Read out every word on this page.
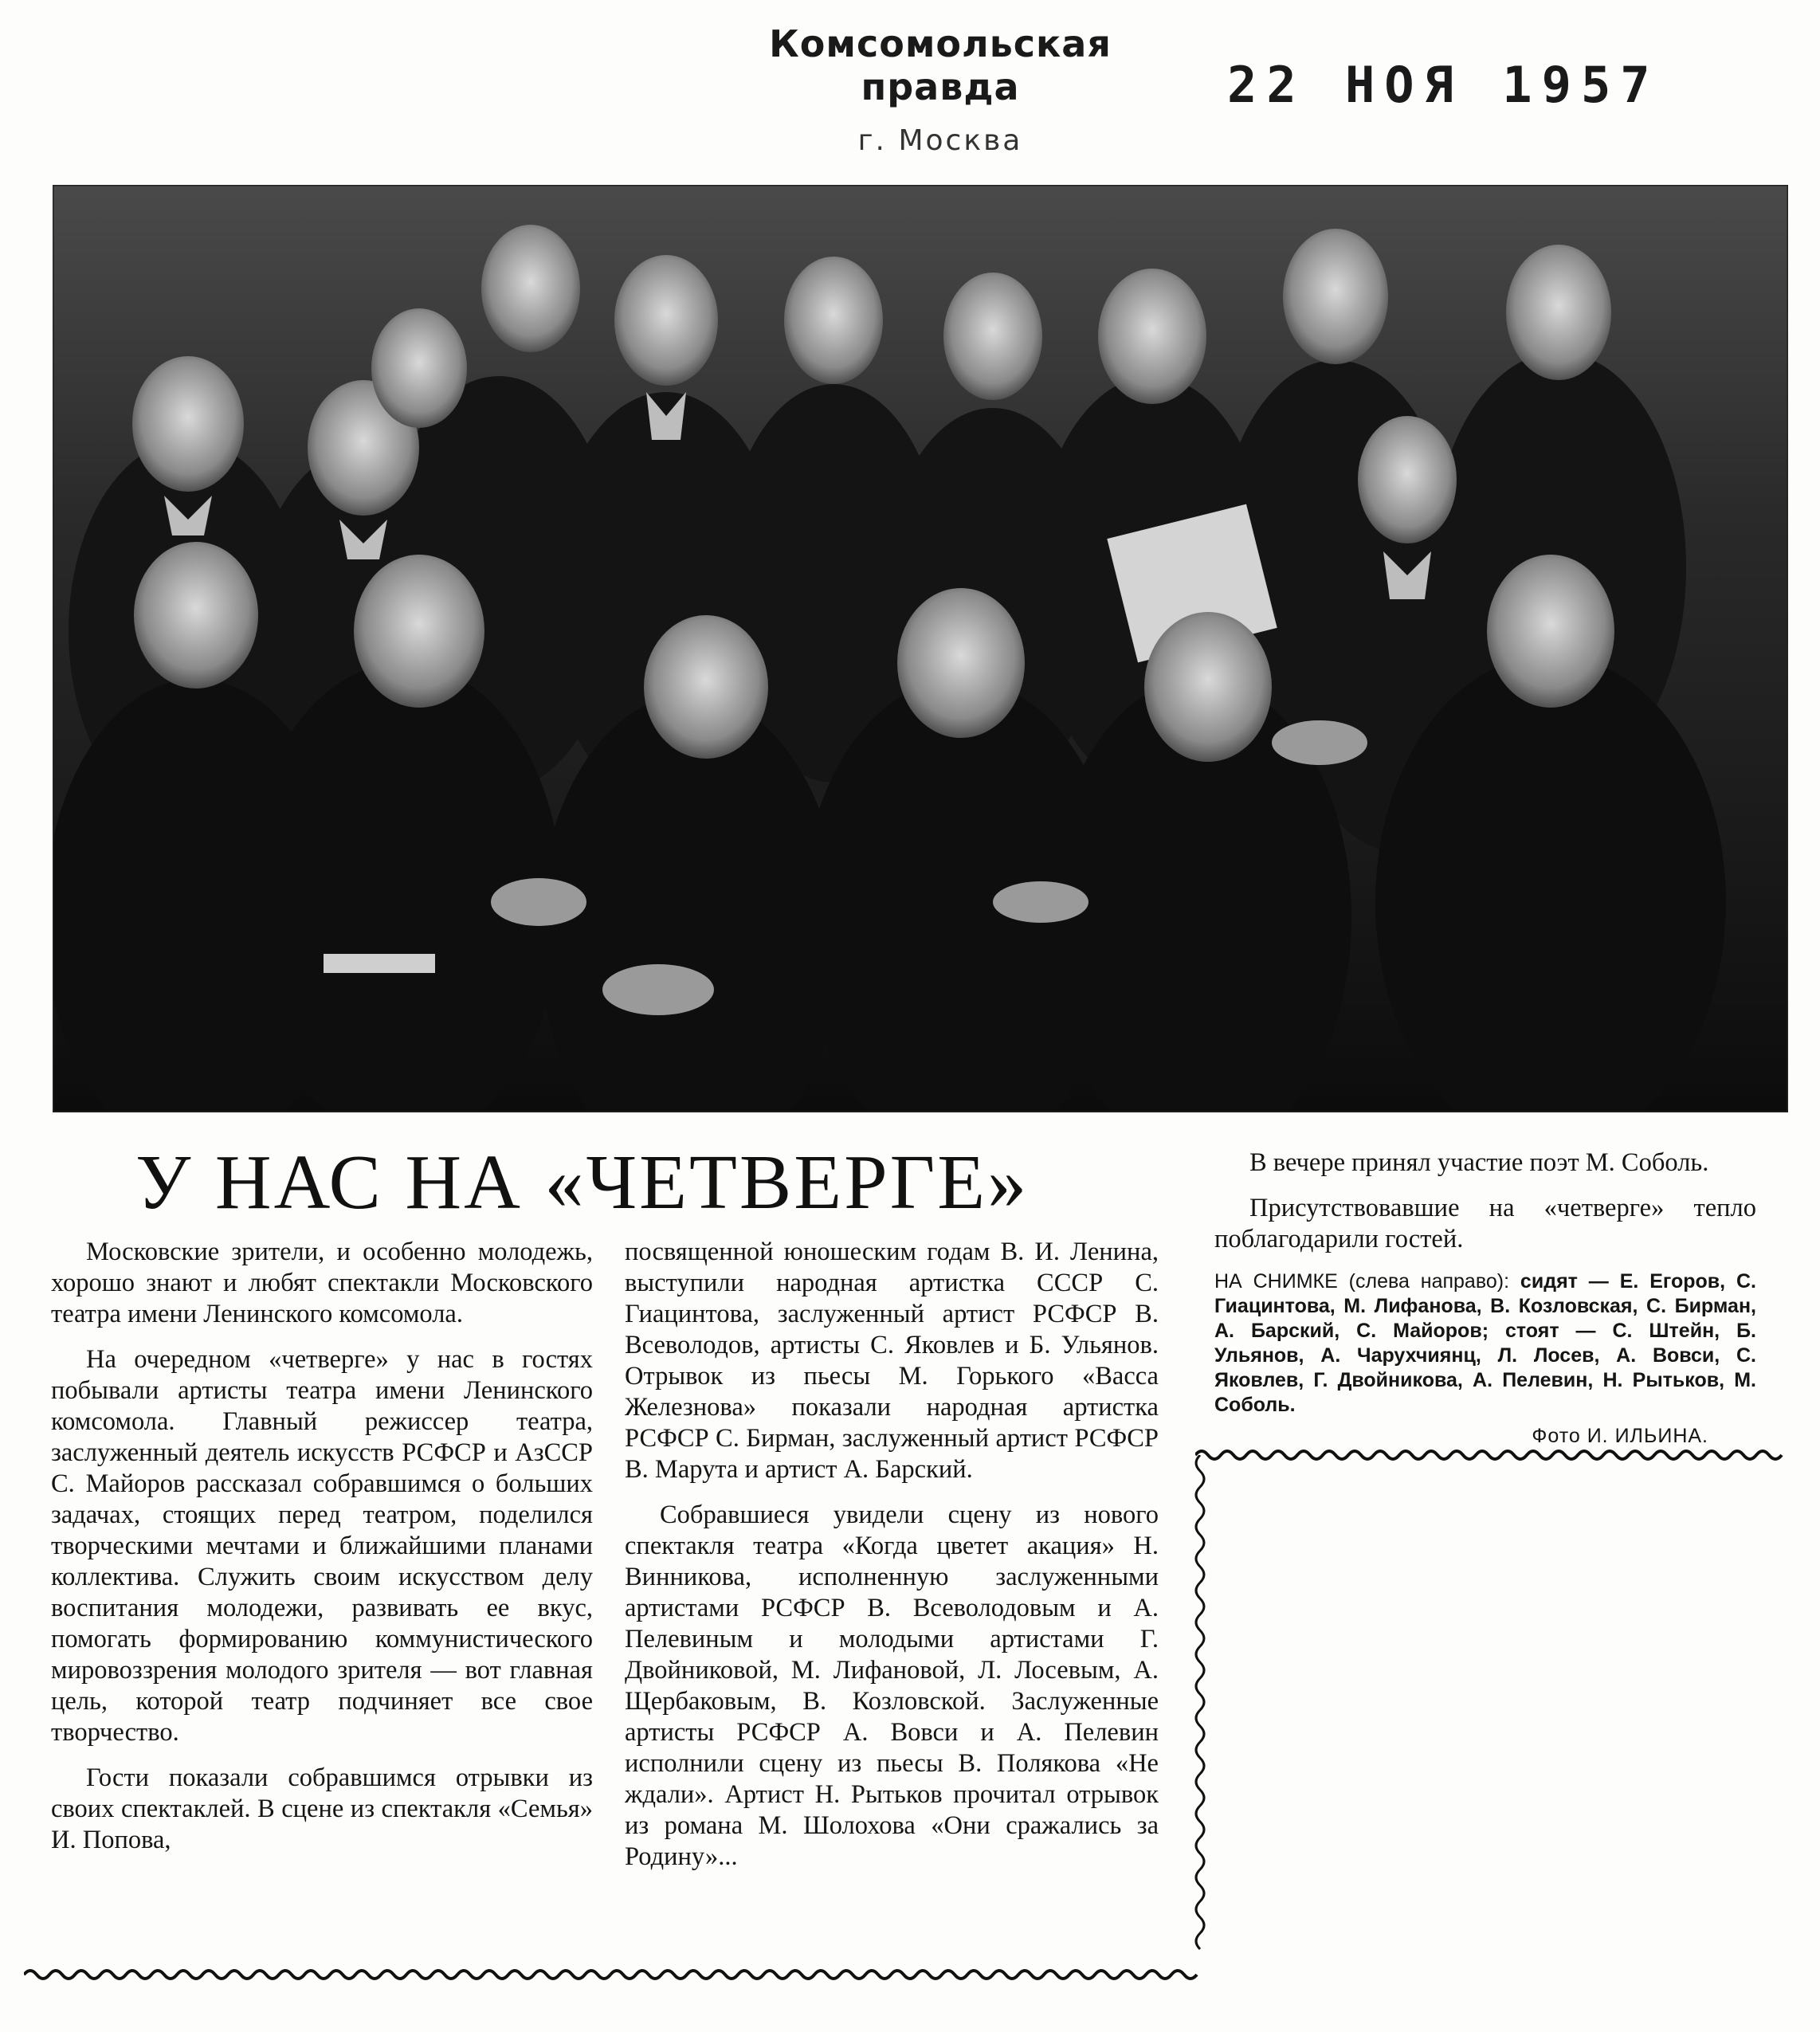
Комсомольская правда
г. Москва
22 НОЯ 1957
У НАС НА «ЧЕТВЕРГЕ»

Московские зрители, и особенно молодежь, хорошо знают и любят спектакли Московского театра имени Ленинского комсомола.

На очередном «четверге» у нас в гостях побывали артисты театра имени Ленинского комсомола. Главный режиссер театра, заслуженный деятель искусств РСФСР и АзССР С. Майоров рассказал собравшимся о больших задачах, стоящих перед театром, поделился творческими мечтами и ближайшими планами коллектива. Служить своим искусством делу воспитания молодежи, развивать ее вкус, помогать формированию коммунистического мировоззрения молодого зрителя — вот главная цель, которой театр подчиняет все свое творчество.

Гости показали собравшимся отрывки из своих спектаклей. В сцене из спектакля «Семья» И. Попова,

посвященной юношеским годам В. И. Ленина, выступили народная артистка СССР С. Гиацинтова, заслуженный артист РСФСР В. Всеволодов, артисты С. Яковлев и Б. Ульянов. Отрывок из пьесы М. Горького «Васса Железнова» показали народная артистка РСФСР С. Бирман, заслуженный артист РСФСР В. Марута и артист А. Барский.

Собравшиеся увидели сцену из нового спектакля театра «Когда цветет акация» Н. Винникова, исполненную заслуженными артистами РСФСР В. Всеволодовым и А. Пелевиным и молодыми артистами Г. Двойниковой, М. Лифановой, Л. Лосевым, А. Щербаковым, В. Козловской. Заслуженные артисты РСФСР А. Вовси и А. Пелевин исполнили сцену из пьесы В. Полякова «Не ждали». Артист Н. Рытьков прочитал отрывок из романа М. Шолохова «Они сражались за Родину»...

В вечере принял участие поэт М. Соболь.

Присутствовавшие на «четверге» тепло поблагодарили гостей.

НА СНИМКЕ (слева направо): сидят — Е. Егоров, С. Гиацинтова, М. Лифанова, В. Козловская, С. Бирман, А. Барский, С. Майоров; стоят — С. Штейн, Б. Ульянов, А. Чарухчиянц, Л. Лосев, А. Вовси, С. Яковлев, Г. Двойникова, А. Пелевин, Н. Рытьков, М. Соболь.
Фото И. ИЛЬИНА.
